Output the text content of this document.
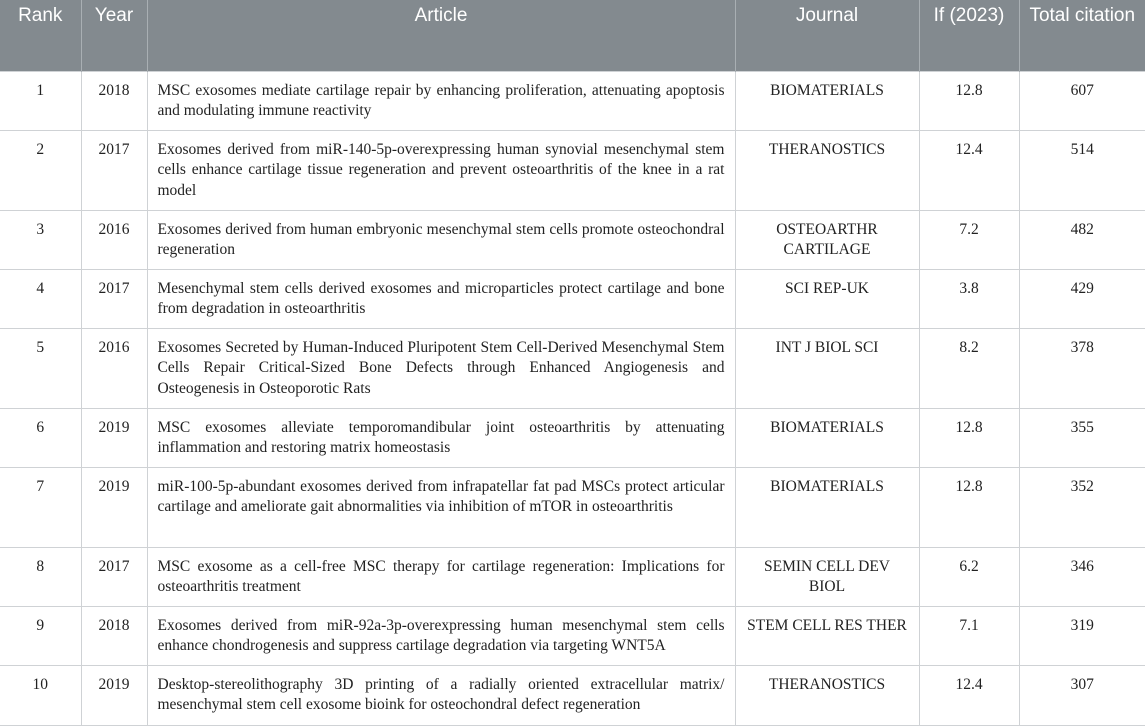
Rank	Year	Article	Journal	If (2023)	Total citation
1	2018	MSC exosomes mediate cartilage repair by enhancing proliferation, attenuating apoptosis and modulating immune reactivity	BIOMATERIALS	12.8	607
2	2017	Exosomes derived from miR-140-5p-overexpressing human synovial mesenchymal stem cells enhance cartilage tissue regeneration and prevent osteoarthritis of the knee in a rat model	THERANOSTICS	12.4	514
3	2016	Exosomes derived from human embryonic mesenchymal stem cells promote osteochondral regeneration	OSTEOARTHR CARTILAGE	7.2	482
4	2017	Mesenchymal stem cells derived exosomes and microparticles protect cartilage and bone from degradation in osteoarthritis	SCI REP-UK	3.8	429
5	2016	Exosomes Secreted by Human-Induced Pluripotent Stem Cell-Derived Mesenchymal Stem Cells Repair Critical-Sized Bone Defects through Enhanced Angiogenesis and Osteogenesis in Osteoporotic Rats	INT J BIOL SCI	8.2	378
6	2019	MSC exosomes alleviate temporomandibular joint osteoarthritis by attenuating inflammation and restoring matrix homeostasis	BIOMATERIALS	12.8	355
7	2019	miR-100-5p-abundant exosomes derived from infrapatellar fat pad MSCs protect articular cartilage and ameliorate gait abnormalities via inhibition of mTOR in osteoarthritis	BIOMATERIALS	12.8	352
8	2017	MSC exosome as a cell-free MSC therapy for cartilage regeneration: Implications for osteoarthritis treatment	SEMIN CELL DEV BIOL	6.2	346
9	2018	Exosomes derived from miR-92a-3p-overexpressing human mesenchymal stem cells enhance chondrogenesis and suppress cartilage degradation via targeting WNT5A	STEM CELL RES THER	7.1	319
10	2019	Desktop-stereolithography 3D printing of a radially oriented extracellular matrix/ mesenchymal stem cell exosome bioink for osteochondral defect regeneration	THERANOSTICS	12.4	307
